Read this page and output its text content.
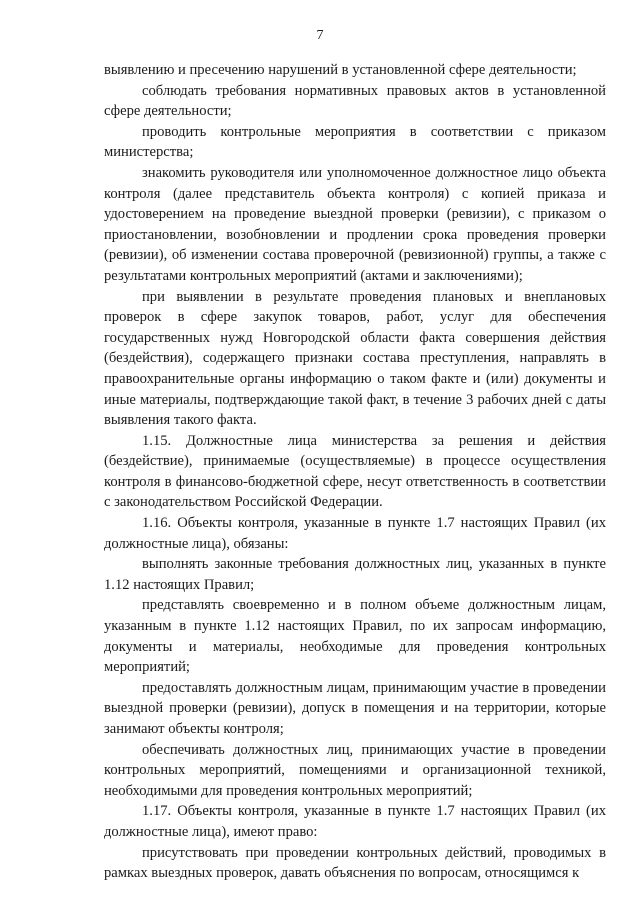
7

выявлению и пресечению нарушений в установленной сфере деятельности;

соблюдать требования нормативных правовых актов в установленной сфере деятельности;

проводить контрольные мероприятия в соответствии с приказом министерства;

знакомить руководителя или уполномоченное должностное лицо объекта контроля (далее представитель объекта контроля) с копией приказа и удостоверением на проведение выездной проверки (ревизии), с приказом о приостановлении, возобновлении и продлении срока проведения проверки (ревизии), об изменении состава проверочной (ревизионной) группы, а также с результатами контрольных мероприятий (актами и заключениями);

при выявлении в результате проведения плановых и внеплановых проверок в сфере закупок товаров, работ, услуг для обеспечения государственных нужд Новгородской области факта совершения действия (бездействия), содержащего признаки состава преступления, направлять в правоохранительные органы информацию о таком факте и (или) документы и иные материалы, подтверждающие такой факт, в течение 3 рабочих дней с даты выявления такого факта.

1.15. Должностные лица министерства за решения и действия (бездействие), принимаемые (осуществляемые) в процессе осуществления контроля в финансово-бюджетной сфере, несут ответственность в соответствии с законодательством Российской Федерации.

1.16. Объекты контроля, указанные в пункте 1.7 настоящих Правил (их должностные лица), обязаны:

выполнять законные требования должностных лиц, указанных в пункте 1.12 настоящих Правил;

представлять своевременно и в полном объеме должностным лицам, указанным в пункте 1.12 настоящих Правил, по их запросам информацию, документы и материалы, необходимые для проведения контрольных мероприятий;

предоставлять должностным лицам, принимающим участие в проведении выездной проверки (ревизии), допуск в помещения и на территории, которые занимают объекты контроля;

обеспечивать должностных лиц, принимающих участие в проведении контрольных мероприятий, помещениями и организационной техникой, необходимыми для проведения контрольных мероприятий;

1.17. Объекты контроля, указанные в пункте 1.7 настоящих Правил (их должностные лица), имеют право:

присутствовать при проведении контрольных действий, проводимых в рамках выездных проверок, давать объяснения по вопросам, относящимся к
